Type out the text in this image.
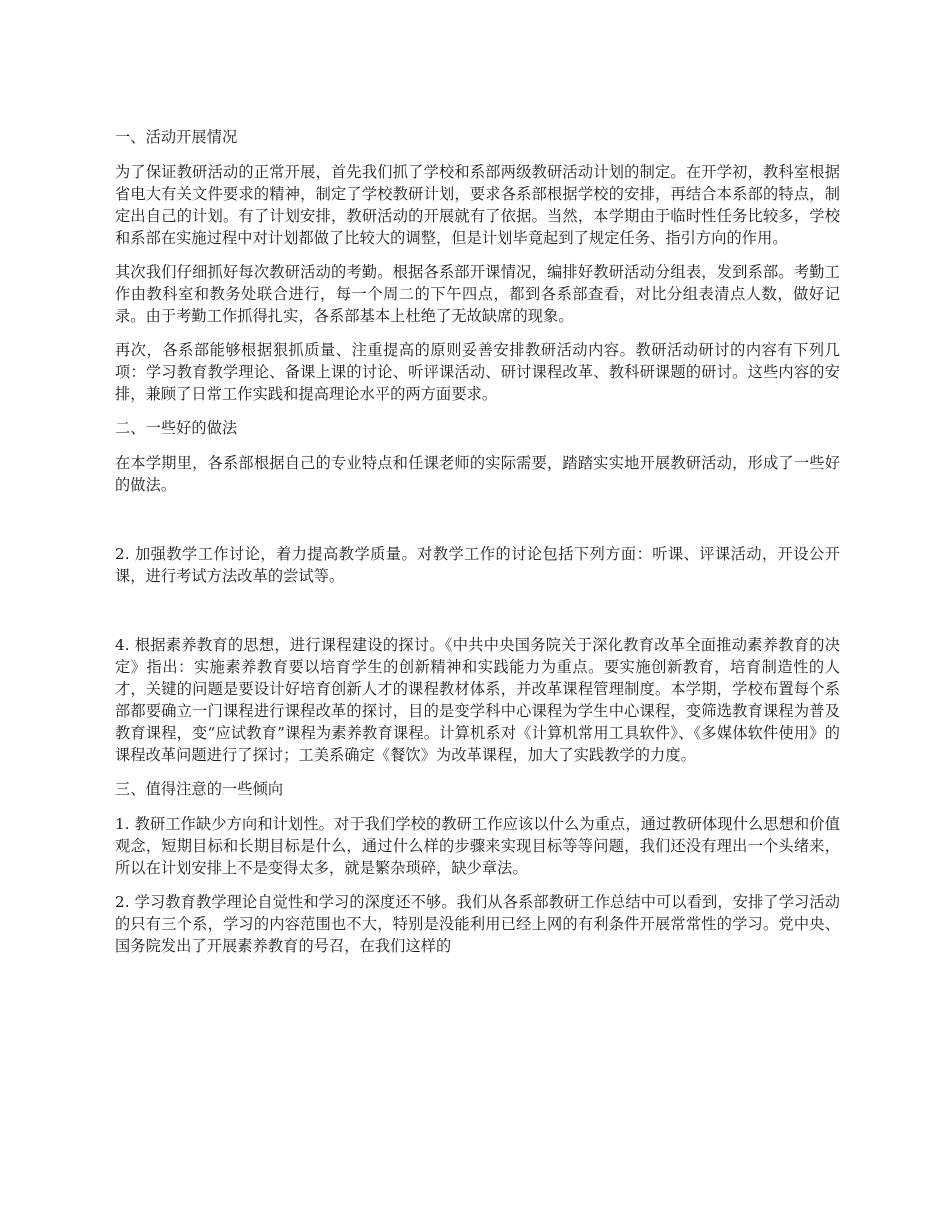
一、活动开展情况

为了保证教研活动的正常开展，首先我们抓了学校和系部两级教研活动计划的制定。在开学初，教科室根据省电大有关文件要求的精神，制定了学校教研计划，要求各系部根据学校的安排，再结合本系部的特点，制定出自己的计划。有了计划安排，教研活动的开展就有了依据。当然，本学期由于临时性任务比较多，学校和系部在实施过程中对计划都做了比较大的调整，但是计划毕竟起到了规定任务、指引方向的作用。

其次我们仔细抓好每次教研活动的考勤。根据各系部开课情况，编排好教研活动分组表，发到系部。考勤工作由教科室和教务处联合进行，每一个周二的下午四点，都到各系部查看，对比分组表清点人数，做好记录。由于考勤工作抓得扎实，各系部基本上杜绝了无故缺席的现象。

再次，各系部能够根据狠抓质量、注重提高的原则妥善安排教研活动内容。教研活动研讨的内容有下列几项：学习教育教学理论、备课上课的讨论、听评课活动、研讨课程改革、教科研课题的研讨。这些内容的安排，兼顾了日常工作实践和提高理论水平的两方面要求。

二、一些好的做法

在本学期里，各系部根据自己的专业特点和任课老师的实际需要，踏踏实实地开展教研活动，形成了一些好的做法。

2. 加强教学工作讨论，着力提高教学质量。对教学工作的讨论包括下列方面：听课、评课活动，开设公开课，进行考试方法改革的尝试等。

4. 根据素养教育的思想，进行课程建设的探讨。《中共中央国务院关于深化教育改革全面推动素养教育的决定》指出：实施素养教育要以培育学生的创新精神和实践能力为重点。要实施创新教育，培育制造性的人才，关键的问题是要设计好培育创新人才的课程教材体系，并改革课程管理制度。本学期，学校布置每个系部都要确立一门课程进行课程改革的探讨，目的是变学科中心课程为学生中心课程，变筛选教育课程为普及教育课程，变“应试教育”课程为素养教育课程。计算机系对《计算机常用工具软件》、《多媒体软件使用》的课程改革问题进行了探讨；工美系确定《餐饮》为改革课程，加大了实践教学的力度。

三、值得注意的一些倾向

1. 教研工作缺少方向和计划性。对于我们学校的教研工作应该以什么为重点，通过教研体现什么思想和价值观念，短期目标和长期目标是什么，通过什么样的步骤来实现目标等等问题，我们还没有理出一个头绪来，所以在计划安排上不是变得太多，就是繁杂琐碎，缺少章法。

2. 学习教育教学理论自觉性和学习的深度还不够。我们从各系部教研工作总结中可以看到，安排了学习活动的只有三个系，学习的内容范围也不大，特别是没能利用已经上网的有利条件开展常常性的学习。党中央、国务院发出了开展素养教育的号召，在我们这样的
